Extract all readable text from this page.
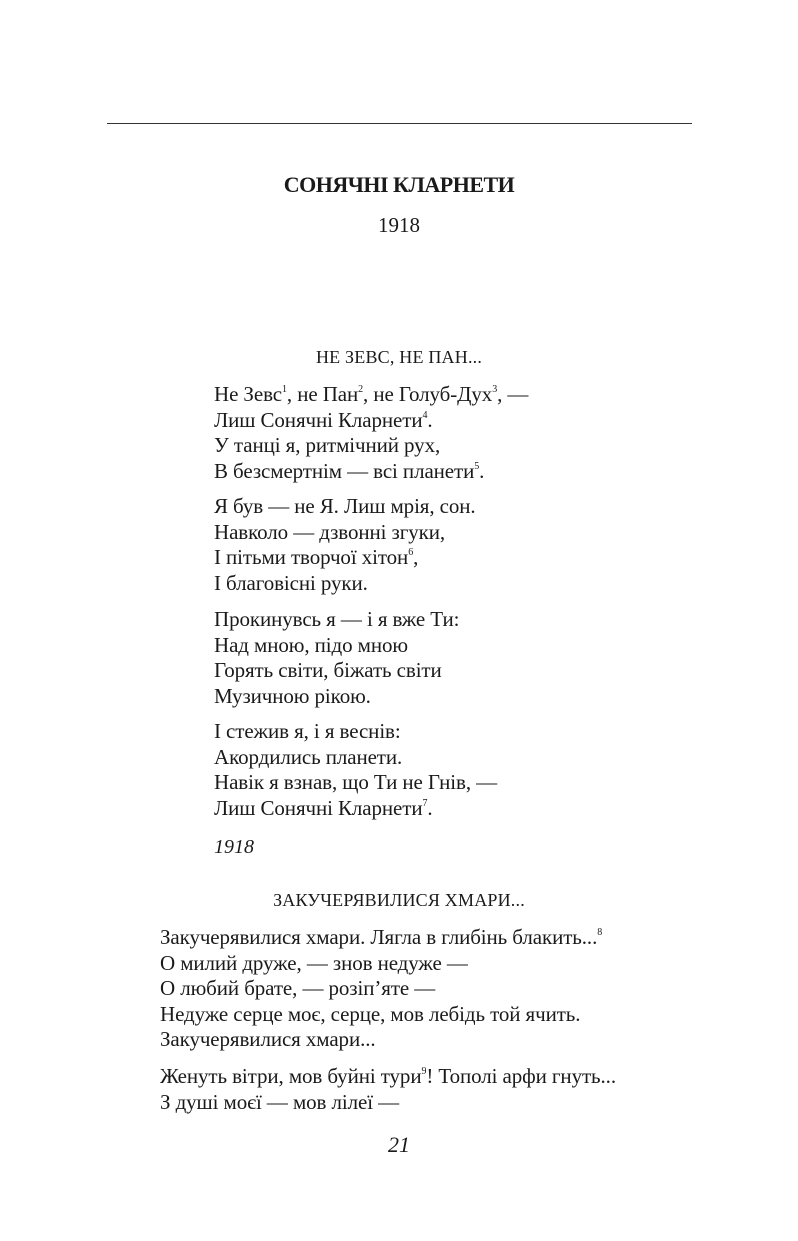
СОНЯЧНІ КЛАРНЕТИ
1918
НЕ ЗЕВС, НЕ ПАН...
Не Зевс$^1$, не Пан$^2$, не Голуб-Дух$^3$, —
Лиш Сонячні Кларнети$^4$.
У танці я, ритмічний рух,
В безсмертнім — всі планети$^5$.
Я був — не Я. Лиш мрія, сон.
Навколо — дзвонні згуки,
І пітьми творчої хітон$^6$,
І благовісні руки.
Прокинувсь я — і я вже Ти:
Над мною, підо мною
Горять світи, біжать світи
Музичною рікою.
І стежив я, і я веснів:
Акордились планети.
Навік я взнав, що Ти не Гнів, —
Лиш Сонячні Кларнети$^7$.
1918
ЗАКУЧЕРЯВИЛИСЯ ХМАРИ...
Закучерявилися хмари. Лягла в глибінь блакить...$^8$
О милий друже, — знов недуже —
О любий брате, — розіп’яте —
Недуже серце моє, серце, мов лебідь той ячить.
Закучерявилися хмари...
Женуть вітри, мов буйні тури$^9$! Тополі арфи гнуть...
З душі моєї — мов лілеї —
21
